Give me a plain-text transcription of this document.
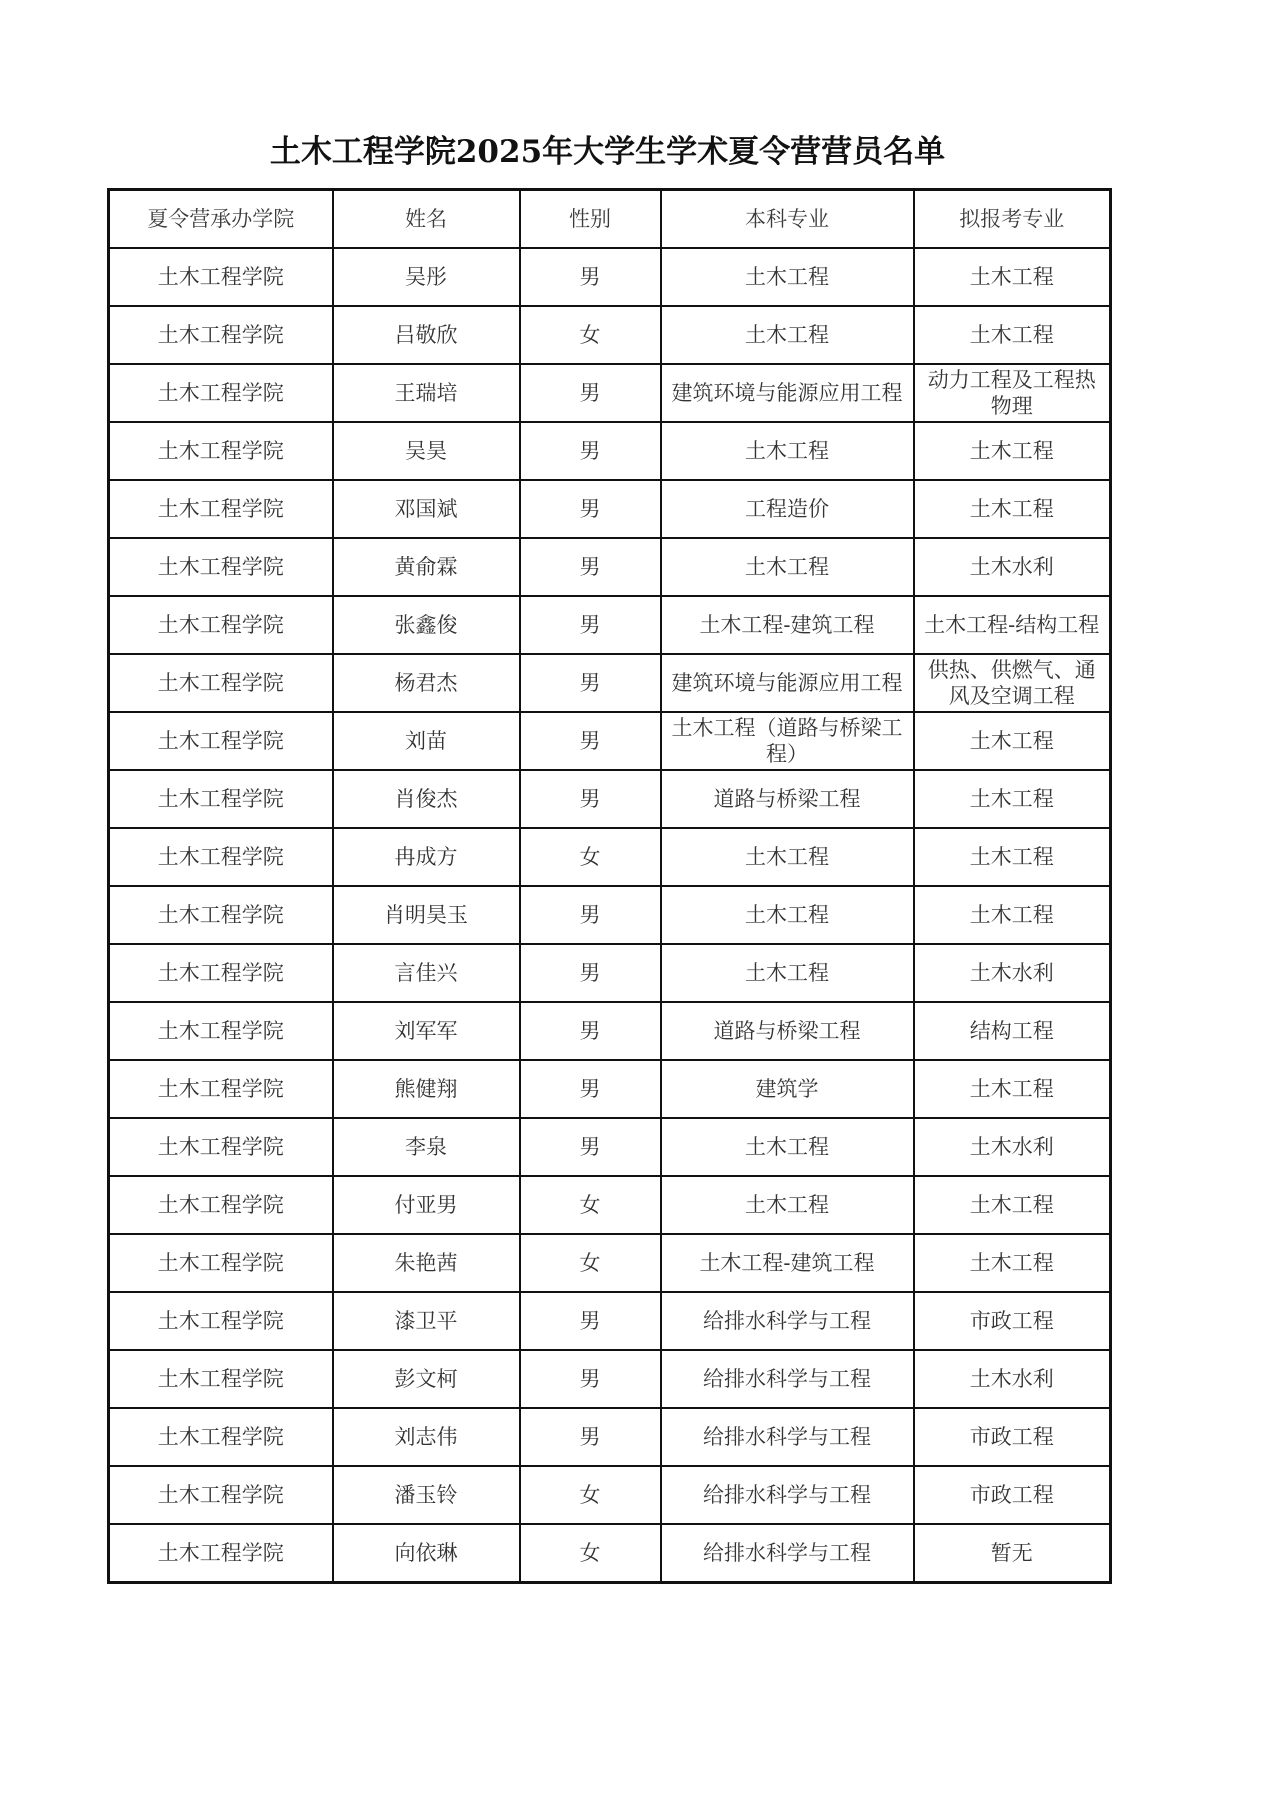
土木工程学院2025年大学生学术夏令营营员名单
夏令营承办学院	姓名	性别	本科专业	拟报考专业
土木工程学院	吴彤	男	土木工程	土木工程
土木工程学院	吕敬欣	女	土木工程	土木工程
土木工程学院	王瑞培	男	建筑环境与能源应用工程	动力工程及工程热物理
土木工程学院	吴昊	男	土木工程	土木工程
土木工程学院	邓国斌	男	工程造价	土木工程
土木工程学院	黄俞霖	男	土木工程	土木水利
土木工程学院	张鑫俊	男	土木工程-建筑工程	土木工程-结构工程
土木工程学院	杨君杰	男	建筑环境与能源应用工程	供热、供燃气、通风及空调工程
土木工程学院	刘苗	男	土木工程（道路与桥梁工程）	土木工程
土木工程学院	肖俊杰	男	道路与桥梁工程	土木工程
土木工程学院	冉成方	女	土木工程	土木工程
土木工程学院	肖明昊玉	男	土木工程	土木工程
土木工程学院	言佳兴	男	土木工程	土木水利
土木工程学院	刘军军	男	道路与桥梁工程	结构工程
土木工程学院	熊健翔	男	建筑学	土木工程
土木工程学院	李泉	男	土木工程	土木水利
土木工程学院	付亚男	女	土木工程	土木工程
土木工程学院	朱艳茜	女	土木工程-建筑工程	土木工程
土木工程学院	漆卫平	男	给排水科学与工程	市政工程
土木工程学院	彭文柯	男	给排水科学与工程	土木水利
土木工程学院	刘志伟	男	给排水科学与工程	市政工程
土木工程学院	潘玉铃	女	给排水科学与工程	市政工程
土木工程学院	向依琳	女	给排水科学与工程	暂无
